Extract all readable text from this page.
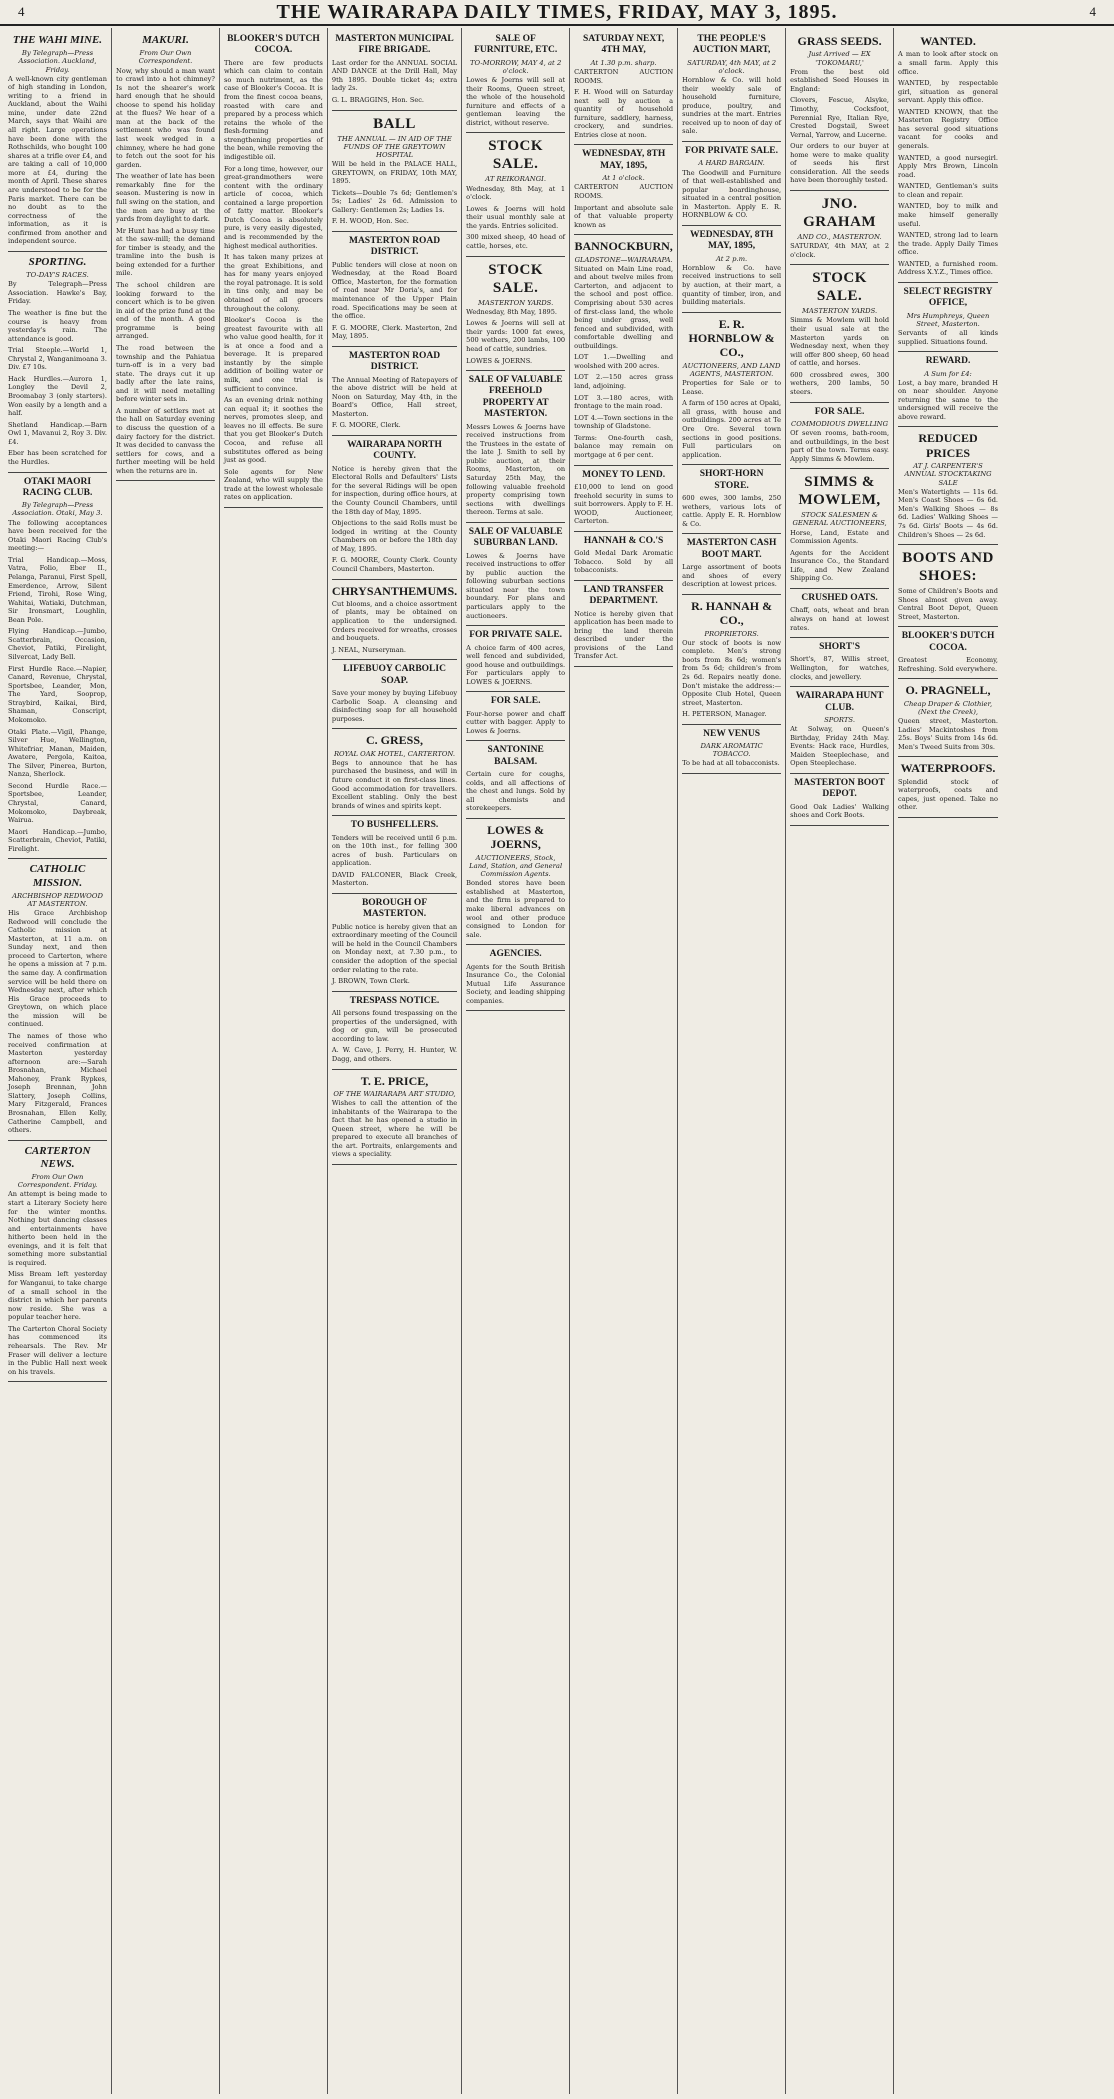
4	THE WAIRARAPA DAILY TIMES, FRIDAY, MAY 3, 1895.	4
THE WAHI MINE.
By Telegraph—Press Association. Auckland, Friday.
A well-known city gentleman of high standing in London, writing to a friend in Auckland, about the Waihi mine, under date 22nd March, says that Waihi are all right. Large operations have been done with the Rothschilds, who bought 100 shares at a trifle over £4, and are taking a call of 10,000 more at £4, during the month of April. These shares are understood to be for the Paris market. There can be no doubt as to the correctness of the information, as it is confirmed from another and independent source.
SPORTING.
TO-DAY'S RACES.
By Telegraph—Press Association. Hawke's Bay, Friday.
The weather is fine but the course is heavy from yesterday's rain. The attendance is good.
Trial Steeple.—World 1, Chrystal 2, Wanganimoana 3. Div. £7 10s.
Hack Hurdles.—Aurora 1, Longley the Devil 2, Broomabay 3 (only starters). Won easily by a length and a half.
Shetland Handicap.—Barn Owl 1, Mavanui 2, Roy 3. Div. £4.
Eber has been scratched for the Hurdles.
OTAKI MAORI RACING CLUB.
By Telegraph—Press Association. Otaki, May 3.
The following acceptances have been received for the Otaki Maori Racing Club's meeting:—
Trial Handicap.—Moss, Vatra, Folio, Eber II., Pelanga, Paranui, First Spell, Emerdence, Arrow, Silent Friend, Tirohi, Rose Wing, Wahitai, Watiaki, Dutchman, Sir Ironsmart, Loughlin, Bean Pole.
Flying Handicap.—Jumbo, Scatterbrain, Occasion, Cheviot, Patiki, Firelight, Silvercat, Lady Bell.
First Hurdle Race.—Napier, Canard, Revenue, Chrystal, Sportsbee, Leander, Mon, The Yard, Sooprop, Straybird, Kaikai, Bird, Shaman, Conscript, Mokomoko.
Otaki Plate.—Vigil, Phange, Silver Hue, Wellington, Whitefriar, Manan, Maiden, Awatere, Pergola, Kaitoa, The Silver, Pinerea, Burton, Nanza, Sherlock.
Second Hurdle Race.—Sportsbee, Leander, Chrystal, Canard, Mokomoko, Daybreak, Wairua.
Maori Handicap.—Jumbo, Scatterbrain, Cheviot, Patiki, Firelight.
CATHOLIC MISSION.
ARCHBISHOP REDWOOD AT MASTERTON.
His Grace Archbishop Redwood will conclude the Catholic mission at Masterton, at 11 a.m. on Sunday next, and then proceed to Carterton, where he opens a mission at 7 p.m. the same day. A confirmation service will be held there on Wednesday next, after which His Grace proceeds to Greytown, on which place the mission will be continued.
The names of those who received confirmation at Masterton yesterday afternoon are:—Sarah Brosnahan, Michael Mahoney, Frank Rypkes, Joseph Brennan, John Slattery, Joseph Collins, Mary Fitzgerald, Frances Brosnahan, Ellen Kelly, Catherine Campbell, and others.
CARTERTON NEWS.
From Our Own Correspondent. Friday.
An attempt is being made to start a Literary Society here for the winter months. Nothing but dancing classes and entertainments have hitherto been held in the evenings, and it is felt that something more substantial is required.
Miss Bream left yesterday for Wanganui, to take charge of a small school in the district in which her parents now reside. She was a popular teacher here.
The Carterton Choral Society has commenced its rehearsals. The Rev. Mr Fraser will deliver a lecture in the Public Hall next week on his travels.
MAKURI.
From Our Own Correspondent.
Now, why should a man want to crawl into a hot chimney? Is not the shearer's work hard enough that he should choose to spend his holiday at the flues? We hear of a man at the back of the settlement who was found last week wedged in a chimney, where he had gone to fetch out the soot for his garden.
The weather of late has been remarkably fine for the season. Mustering is now in full swing on the station, and the men are busy at the yards from daylight to dark.
Mr Hunt has had a busy time at the saw-mill; the demand for timber is steady, and the tramline into the bush is being extended for a further mile.
The school children are looking forward to the concert which is to be given in aid of the prize fund at the end of the month. A good programme is being arranged.
The road between the township and the Pahiatua turn-off is in a very bad state. The drays cut it up badly after the late rains, and it will need metalling before winter sets in.
A number of settlers met at the hall on Saturday evening to discuss the question of a dairy factory for the district. It was decided to canvass the settlers for cows, and a further meeting will be held when the returns are in.
BLOOKER'S DUTCH COCOA.
There are few products which can claim to contain so much nutriment, as the case of Blooker's Cocoa. It is from the finest cocoa beans, roasted with care and prepared by a process which retains the whole of the flesh-forming and strengthening properties of the bean, while removing the indigestible oil.
For a long time, however, our great-grandmothers were content with the ordinary article of cocoa, which contained a large proportion of fatty matter. Blooker's Dutch Cocoa is absolutely pure, is very easily digested, and is recommended by the highest medical authorities.
It has taken many prizes at the great Exhibitions, and has for many years enjoyed the royal patronage. It is sold in tins only, and may be obtained of all grocers throughout the colony.
Blooker's Cocoa is the greatest favourite with all who value good health, for it is at once a food and a beverage. It is prepared instantly by the simple addition of boiling water or milk, and one trial is sufficient to convince.
As an evening drink nothing can equal it; it soothes the nerves, promotes sleep, and leaves no ill effects. Be sure that you get Blooker's Dutch Cocoa, and refuse all substitutes offered as being just as good.
Sole agents for New Zealand, who will supply the trade at the lowest wholesale rates on application.
MASTERTON MUNICIPAL FIRE BRIGADE.
Last order for the ANNUAL SOCIAL AND DANCE at the Drill Hall, May 9th 1895. Double ticket 4s; extra lady 2s.
G. L. BRAGGINS, Hon. Sec.
BALL
THE ANNUAL — IN AID OF THE FUNDS OF THE GREYTOWN HOSPITAL
Will be held in the PALACE HALL, GREYTOWN, on FRIDAY, 10th MAY, 1895.
Tickets—Double 7s 6d; Gentlemen's 5s; Ladies' 2s 6d. Admission to Gallery: Gentlemen 2s; Ladies 1s.
F. H. WOOD, Hon. Sec.
MASTERTON ROAD DISTRICT.
Public tenders will close at noon on Wednesday, at the Road Board Office, Masterton, for the formation of road near Mr Doria's, and for maintenance of the Upper Plain road. Specifications may be seen at the office.
F. G. MOORE, Clerk. Masterton, 2nd May, 1895.
MASTERTON ROAD DISTRICT.
The Annual Meeting of Ratepayers of the above district will be held at Noon on Saturday, May 4th, in the Board's Office, Hall street, Masterton.
F. G. MOORE, Clerk.
WAIRARAPA NORTH COUNTY.
Notice is hereby given that the Electoral Rolls and Defaulters' Lists for the several Ridings will be open for inspection, during office hours, at the County Council Chambers, until the 18th day of May, 1895.
Objections to the said Rolls must be lodged in writing at the County Chambers on or before the 18th day of May, 1895.
F. G. MOORE, County Clerk. County Council Chambers, Masterton.
CHRYSANTHEMUMS.
Cut blooms, and a choice assortment of plants, may be obtained on application to the undersigned. Orders received for wreaths, crosses and bouquets.
J. NEAL, Nurseryman.
LIFEBUOY CARBOLIC SOAP.
Save your money by buying Lifebuoy Carbolic Soap. A cleansing and disinfecting soap for all household purposes.
C. GRESS,
ROYAL OAK HOTEL, CARTERTON.
Begs to announce that he has purchased the business, and will in future conduct it on first-class lines. Good accommodation for travellers. Excellent stabling. Only the best brands of wines and spirits kept.
TO BUSHFELLERS.
Tenders will be received until 6 p.m. on the 10th inst., for felling 300 acres of bush. Particulars on application.
DAVID FALCONER, Black Creek, Masterton.
BOROUGH OF MASTERTON.
Public notice is hereby given that an extraordinary meeting of the Council will be held in the Council Chambers on Monday next, at 7.30 p.m., to consider the adoption of the special order relating to the rate.
J. BROWN, Town Clerk.
TRESPASS NOTICE.
All persons found trespassing on the properties of the undersigned, with dog or gun, will be prosecuted according to law.
A. W. Cave, J. Perry, H. Hunter, W. Dagg, and others.
T. E. PRICE,
OF THE WAIRARAPA ART STUDIO,
Wishes to call the attention of the inhabitants of the Wairarapa to the fact that he has opened a studio in Queen street, where he will be prepared to execute all branches of the art. Portraits, enlargements and views a speciality.
SALE OF FURNITURE, ETC.
TO-MORROW, MAY 4, at 2 o'clock.
Lowes & Joerns will sell at their Rooms, Queen street, the whole of the household furniture and effects of a gentleman leaving the district, without reserve.
STOCK SALE.
AT REIKORANGI.
Wednesday, 8th May, at 1 o'clock.
Lowes & Joerns will hold their usual monthly sale at the yards. Entries solicited.
300 mixed sheep, 40 head of cattle, horses, etc.
STOCK SALE.
MASTERTON YARDS.
Wednesday, 8th May, 1895.
Lowes & Joerns will sell at their yards: 1000 fat ewes, 500 wethers, 200 lambs, 100 head of cattle, sundries.
LOWES & JOERNS.
SALE OF VALUABLE FREEHOLD PROPERTY AT MASTERTON.
Messrs Lowes & Joerns have received instructions from the Trustees in the estate of the late J. Smith to sell by public auction, at their Rooms, Masterton, on Saturday 25th May, the following valuable freehold property comprising town sections with dwellings thereon. Terms at sale.
SALE OF VALUABLE SUBURBAN LAND.
Lowes & Joerns have received instructions to offer by public auction the following suburban sections situated near the town boundary. For plans and particulars apply to the auctioneers.
FOR PRIVATE SALE.
A choice farm of 400 acres, well fenced and subdivided, good house and outbuildings. For particulars apply to LOWES & JOERNS.
FOR SALE.
Four-horse power and chaff cutter with bagger. Apply to Lowes & Joerns.
SANTONINE BALSAM.
Certain cure for coughs, colds, and all affections of the chest and lungs. Sold by all chemists and storekeepers.
LOWES & JOERNS,
AUCTIONEERS, Stock, Land, Station, and General Commission Agents.
Bonded stores have been established at Masterton, and the firm is prepared to make liberal advances on wool and other produce consigned to London for sale.
AGENCIES.
Agents for the South British Insurance Co., the Colonial Mutual Life Assurance Society, and leading shipping companies.
SATURDAY NEXT, 4TH MAY,
At 1.30 p.m. sharp.
CARTERTON AUCTION ROOMS.
F. H. Wood will on Saturday next sell by auction a quantity of household furniture, saddlery, harness, crockery, and sundries. Entries close at noon.
WEDNESDAY, 8TH MAY, 1895,
At 1 o'clock.
CARTERTON AUCTION ROOMS.
Important and absolute sale of that valuable property known as
BANNOCKBURN,
GLADSTONE—WAIRARAPA.
Situated on Main Line road, and about twelve miles from Carterton, and adjacent to the school and post office. Comprising about 530 acres of first-class land, the whole being under grass, well fenced and subdivided, with comfortable dwelling and outbuildings.
LOT 1.—Dwelling and woolshed with 200 acres.
LOT 2.—150 acres grass land, adjoining.
LOT 3.—180 acres, with frontage to the main road.
LOT 4.—Town sections in the township of Gladstone.
Terms: One-fourth cash, balance may remain on mortgage at 6 per cent.
MONEY TO LEND.
£10,000 to lend on good freehold security in sums to suit borrowers. Apply to F. H. WOOD, Auctioneer, Carterton.
HANNAH & CO.'S
Gold Medal Dark Aromatic Tobacco. Sold by all tobacconists.
LAND TRANSFER DEPARTMENT.
Notice is hereby given that application has been made to bring the land therein described under the provisions of the Land Transfer Act.
THE PEOPLE'S AUCTION MART,
SATURDAY, 4th MAY, at 2 o'clock.
Hornblow & Co. will hold their weekly sale of household furniture, produce, poultry, and sundries at the mart. Entries received up to noon of day of sale.
FOR PRIVATE SALE.
A HARD BARGAIN.
The Goodwill and Furniture of that well-established and popular boardinghouse, situated in a central position in Masterton. Apply E. R. HORNBLOW & CO.
WEDNESDAY, 8TH MAY, 1895,
At 2 p.m.
Hornblow & Co. have received instructions to sell by auction, at their mart, a quantity of timber, iron, and building materials.
E. R. HORNBLOW & CO.,
AUCTIONEERS, AND LAND AGENTS, MASTERTON.
Properties for Sale or to Lease.
A farm of 150 acres at Opaki, all grass, with house and outbuildings. 200 acres at Te Ore Ore. Several town sections in good positions. Full particulars on application.
SHORT-HORN STORE.
600 ewes, 300 lambs, 250 wethers, various lots of cattle. Apply E. R. Hornblow & Co.
MASTERTON CASH BOOT MART.
Large assortment of boots and shoes of every description at lowest prices.
R. HANNAH & CO.,
PROPRIETORS.
Our stock of boots is now complete. Men's strong boots from 8s 6d; women's from 5s 6d; children's from 2s 6d. Repairs neatly done. Don't mistake the address:—Opposite Club Hotel, Queen street, Masterton.
H. PETERSON, Manager.
NEW VENUS
DARK AROMATIC TOBACCO.
To be had at all tobacconists.
GRASS SEEDS.
Just Arrived — EX 'TOKOMARU,'
From the best old established Seed Houses in England:
Clovers, Fescue, Alsyke, Timothy, Cocksfoot, Perennial Rye, Italian Rye, Crested Dogstail, Sweet Vernal, Yarrow, and Lucerne.
Our orders to our buyer at home were to make quality of seeds his first consideration. All the seeds have been thoroughly tested.
JNO. GRAHAM
AND CO., MASTERTON.
SATURDAY, 4th MAY, at 2 o'clock.
STOCK SALE.
MASTERTON YARDS.
Simms & Mowlem will hold their usual sale at the Masterton yards on Wednesday next, when they will offer 800 sheep, 60 head of cattle, and horses.
600 crossbred ewes, 300 wethers, 200 lambs, 50 steers.
FOR SALE.
COMMODIOUS DWELLING
Of seven rooms, bath-room, and outbuildings, in the best part of the town. Terms easy. Apply Simms & Mowlem.
SIMMS & MOWLEM,
STOCK SALESMEN & GENERAL AUCTIONEERS,
Horse, Land, Estate and Commission Agents.
Agents for the Accident Insurance Co., the Standard Life, and New Zealand Shipping Co.
CRUSHED OATS.
Chaff, oats, wheat and bran always on hand at lowest rates.
SHORT'S
Short's, 87, Willis street, Wellington, for watches, clocks, and jewellery.
WAIRARAPA HUNT CLUB.
SPORTS.
At Solway, on Queen's Birthday, Friday 24th May. Events: Hack race, Hurdles, Maiden Steeplechase, and Open Steeplechase.
MASTERTON BOOT DEPOT.
Good Oak Ladies' Walking shoes and Cork Boots.
WANTED.
A man to look after stock on a small farm. Apply this office.
WANTED, by respectable girl, situation as general servant. Apply this office.
WANTED KNOWN, that the Masterton Registry Office has several good situations vacant for cooks and generals.
WANTED, a good nursegirl. Apply Mrs Brown, Lincoln road.
WANTED, Gentleman's suits to clean and repair.
WANTED, boy to milk and make himself generally useful.
WANTED, strong lad to learn the trade. Apply Daily Times office.
WANTED, a furnished room. Address X.Y.Z., Times office.
SELECT REGISTRY OFFICE,
Mrs Humphreys, Queen Street, Masterton.
Servants of all kinds supplied. Situations found.
REWARD.
A Sum for £4:
Lost, a bay mare, branded H on near shoulder. Anyone returning the same to the undersigned will receive the above reward.
REDUCED PRICES
AT J. CARPENTER'S ANNUAL STOCKTAKING SALE
Men's Watertights — 11s 6d. Men's Coast Shoes — 6s 6d. Men's Walking Shoes — 8s 6d. Ladies' Walking Shoes — 7s 6d. Girls' Boots — 4s 6d. Children's Shoes — 2s 6d.
BOOTS AND SHOES:
Some of Children's Boots and Shoes almost given away. Central Boot Depot, Queen Street, Masterton.
BLOOKER'S DUTCH COCOA.
Greatest Economy, Refreshing. Sold everywhere.
O. PRAGNELL,
Cheap Draper & Clothier, (Next the Creek),
Queen street, Masterton. Ladies' Mackintoshes from 25s. Boys' Suits from 14s 6d. Men's Tweed Suits from 30s.
WATERPROOFS.
Splendid stock of waterproofs, coats and capes, just opened. Take no other.
